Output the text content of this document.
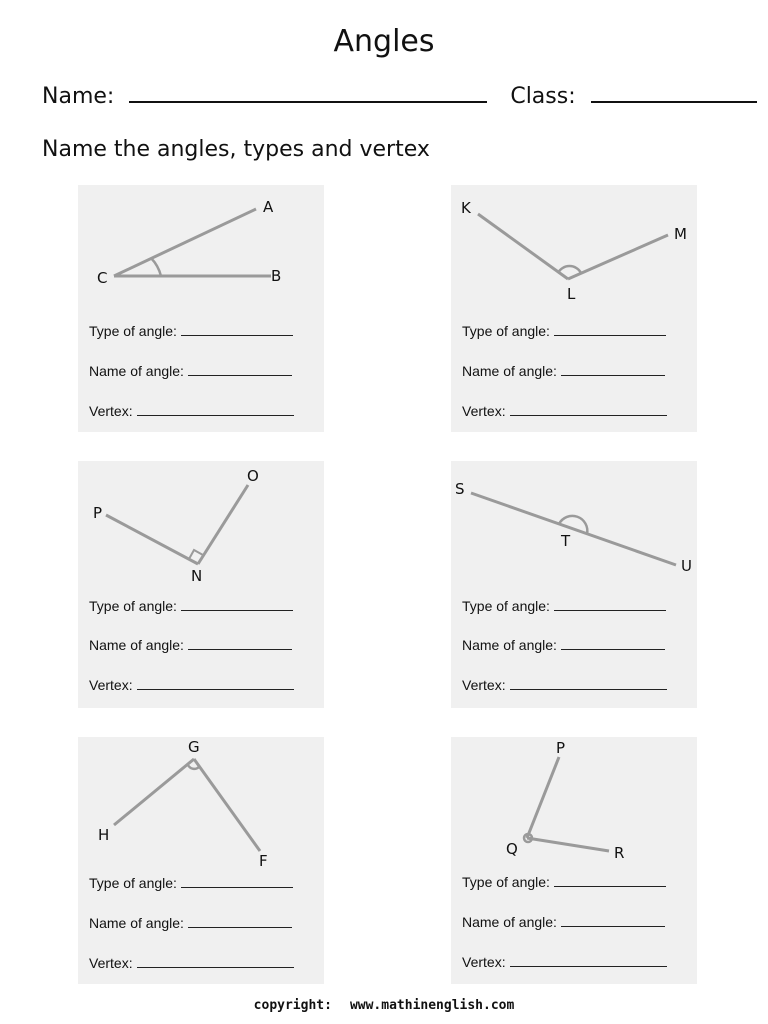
Angles
Name:	Class:
Name the angles, types and vertex
A
C	B
Type of angle:
Name of angle:
Vertex:
K
L
M
Type of angle:
Name of angle:
Vertex:
P
N
O
Type of angle:
Name of angle:
Vertex:
S
T
U
Type of angle:
Name of angle:
Vertex:
G
H
F
Type of angle:
Name of angle:
Vertex:
P
Q	R
Type of angle:
Name of angle:
Vertex:
copyright: www.mathinenglish.com
